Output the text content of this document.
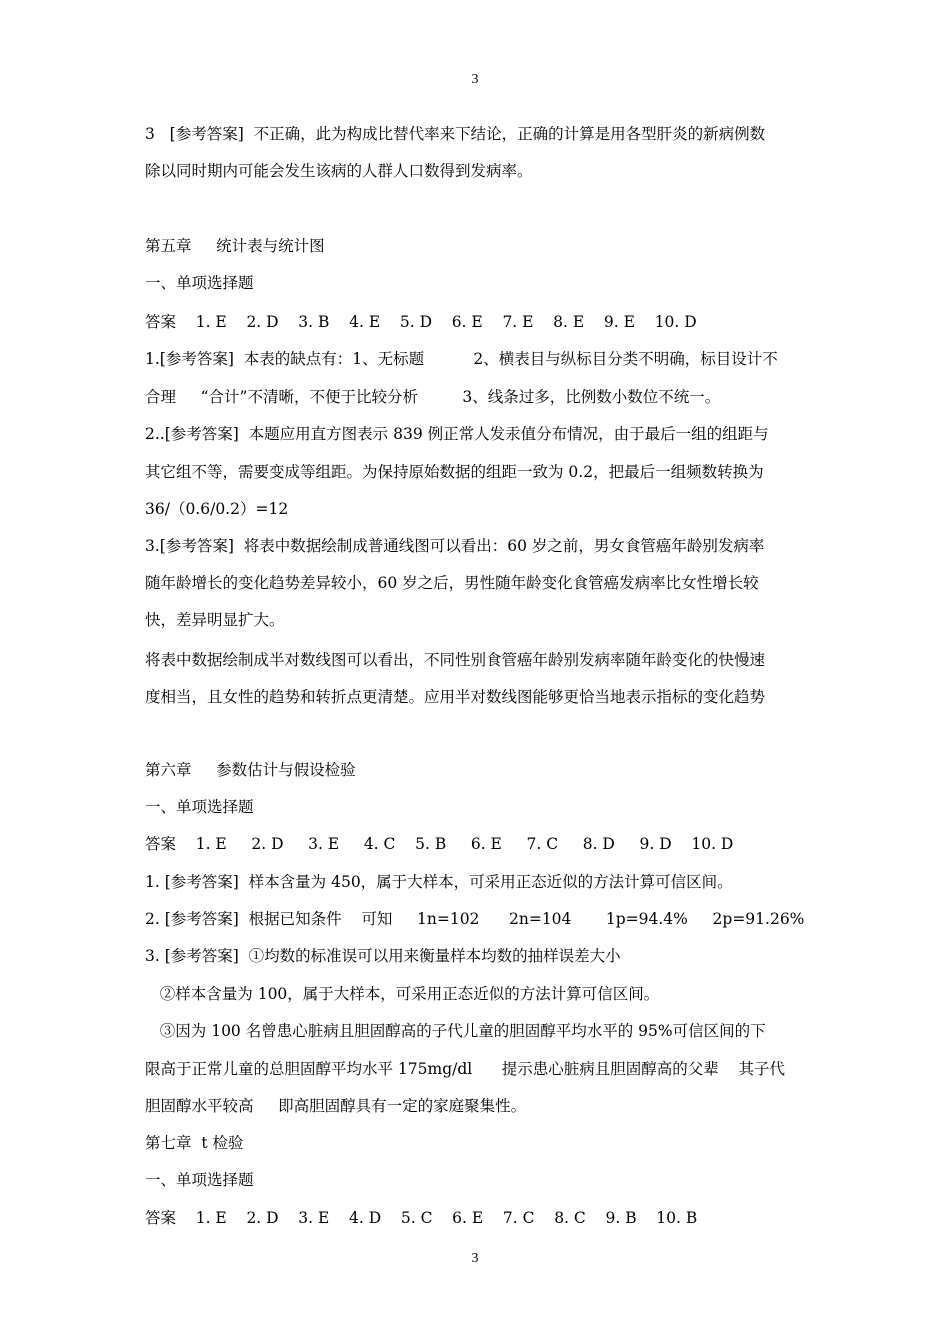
3
3   [参考答案]  不正确，此为构成比替代率来下结论，正确的计算是用各型肝炎的新病例数
除以同时期内可能会发生该病的人群人口数得到发病率。
第五章     统计表与统计图
一、单项选择题
答案    1. E    2. D    3. B    4. E    5. D    6. E    7. E    8. E    9. E    10. D
1.[参考答案]  本表的缺点有：1、无标题          2、横表目与纵标目分类不明确，标目设计不
合理     “合计”不清晰，不便于比较分析         3、线条过多，比例数小数位不统一。
2..[参考答案]  本题应用直方图表示 839 例正常人发汞值分布情况，由于最后一组的组距与
其它组不等，需要变成等组距。为保持原始数据的组距一致为 0.2，把最后一组频数转换为
36/（0.6/0.2）=12
3.[参考答案]  将表中数据绘制成普通线图可以看出：60 岁之前，男女食管癌年龄别发病率
随年龄增长的变化趋势差异较小，60 岁之后，男性随年龄变化食管癌发病率比女性增长较
快，差异明显扩大。
将表中数据绘制成半对数线图可以看出，不同性别食管癌年龄别发病率随年龄变化的快慢速
度相当，且女性的趋势和转折点更清楚。应用半对数线图能够更恰当地表示指标的变化趋势
第六章     参数估计与假设检验
一、单项选择题
答案    1. E     2. D     3. E     4. C    5. B     6. E     7. C     8. D     9. D    10. D
1. [参考答案]  样本含量为 450，属于大样本，可采用正态近似的方法计算可信区间。
2. [参考答案]  根据已知条件    可知     1n=102      2n=104       1p=94.4%     2p=91.26%
3. [参考答案]  ①均数的标准误可以用来衡量样本均数的抽样误差大小
②样本含量为 100，属于大样本，可采用正态近似的方法计算可信区间。
③因为 100 名曾患心脏病且胆固醇高的子代儿童的胆固醇平均水平的 95%可信区间的下
限高于正常儿童的总胆固醇平均水平 175mg/dl      提示患心脏病且胆固醇高的父辈    其子代
胆固醇水平较高     即高胆固醇具有一定的家庭聚集性。
第七章  t 检验
一、单项选择题
答案    1. E    2. D    3. E    4. D    5. C    6. E    7. C    8. C    9. B    10. B
3
